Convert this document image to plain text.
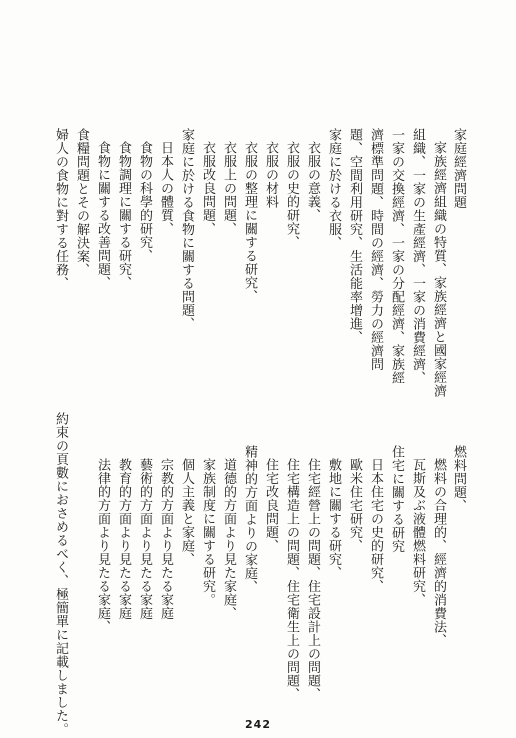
家庭經濟問題
家族經濟組織の特質、家族經濟と國家經濟
組織、一家の生產經濟、一家の消費經濟、
一家の交換經濟、一家の分配經濟、家族經
濟標準問題、時間の經濟、勞力の經濟問
題、空間利用研究、生活能率增進、
家庭に於ける衣服、
衣服の意義、
衣服の史的研究、
衣服の材料
衣服の整理に關する研究、
衣服上の問題、
衣服改良問題、
家庭に於ける食物に關する問題、
日本人の體質、
食物の科學的研究、
食物調理に關する研究、
食物に關する改善問題、
食糧問題とその解決案、
婦人の食物に對する任務、
燃料問題、
燃料の合理的、經濟的消費法、
瓦斯及ぶ液體燃料研究、
住宅に關する研究
日本住宅の史的研究、
歐米住宅研究、
敷地に關する研究、
住宅經營上の問題、住宅設計上の問題、
住宅構造上の問題、住宅衛生上の問題、
住宅改良問題、
精神的方面よりの家庭、
道德的方面より見た家庭、
家族制度に關する研究。
個人主義と家庭、
宗教的方面より見たる家庭
藝術的方面より見たる家庭
教育的方面より見たる家庭
法律的方面より見たる家庭、
約束の頁數におさめるべく、極簡單に記載しました。	242
